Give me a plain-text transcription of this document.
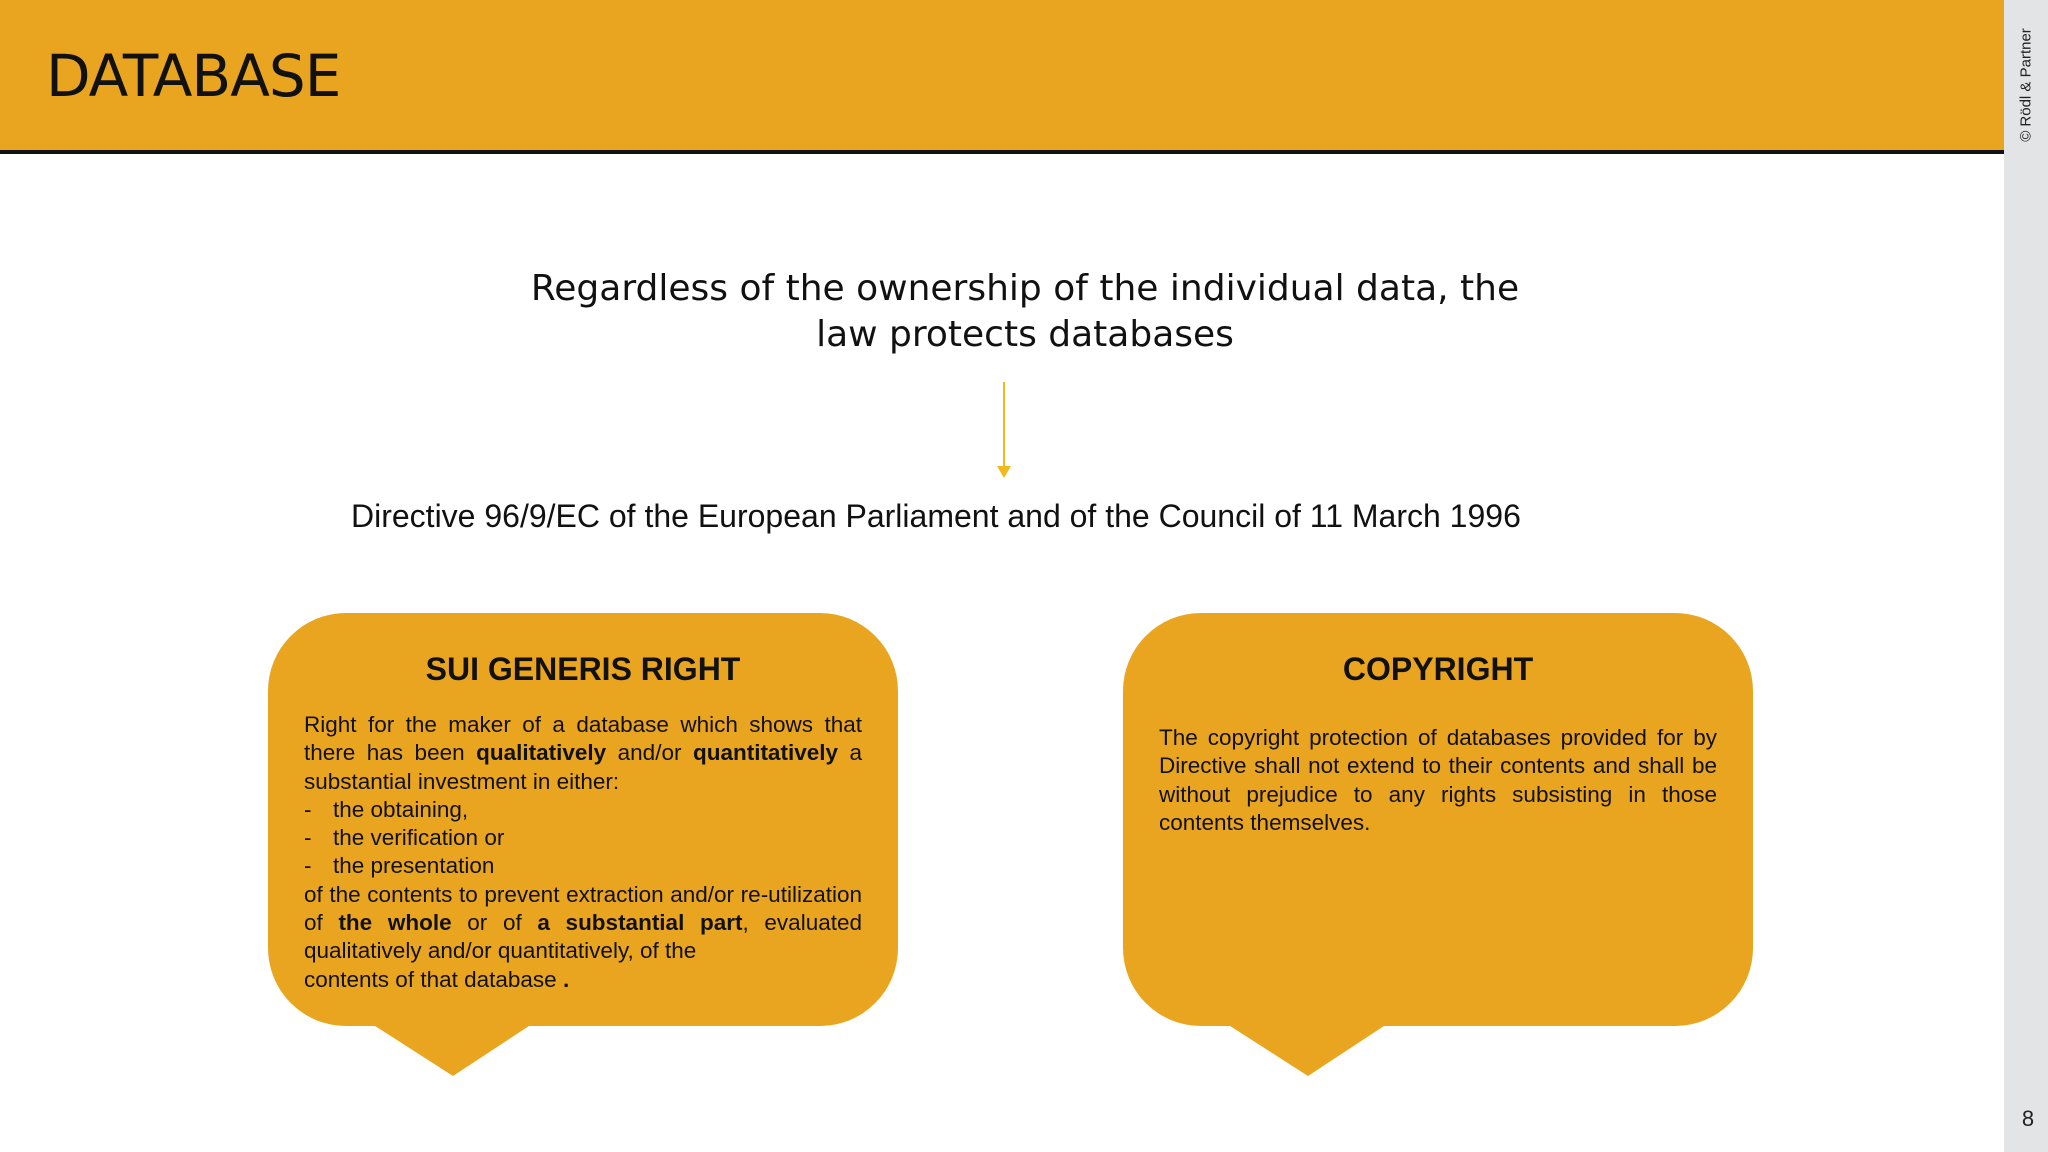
DATABASE	© Rödl & Partner
8
Regardless of the ownership of the individual data, the law protects databases
Directive 96/9/EC of the European Parliament and of the Council of 11 March 1996
SUI GENERIS RIGHT

Right for the maker of a database which shows that there has been qualitatively and/or quantitatively a substantial investment in either:

- the obtaining,
- the verification or
- the presentation

of the contents to prevent extraction and/or re-utilization of the whole or of a substantial part, evaluated qualitatively and/or quantitatively, of the

contents of that database .

COPYRIGHT
The copyright protection of databases provided for by Directive shall not extend to their contents and shall be without prejudice to any rights subsisting in those contents themselves.
